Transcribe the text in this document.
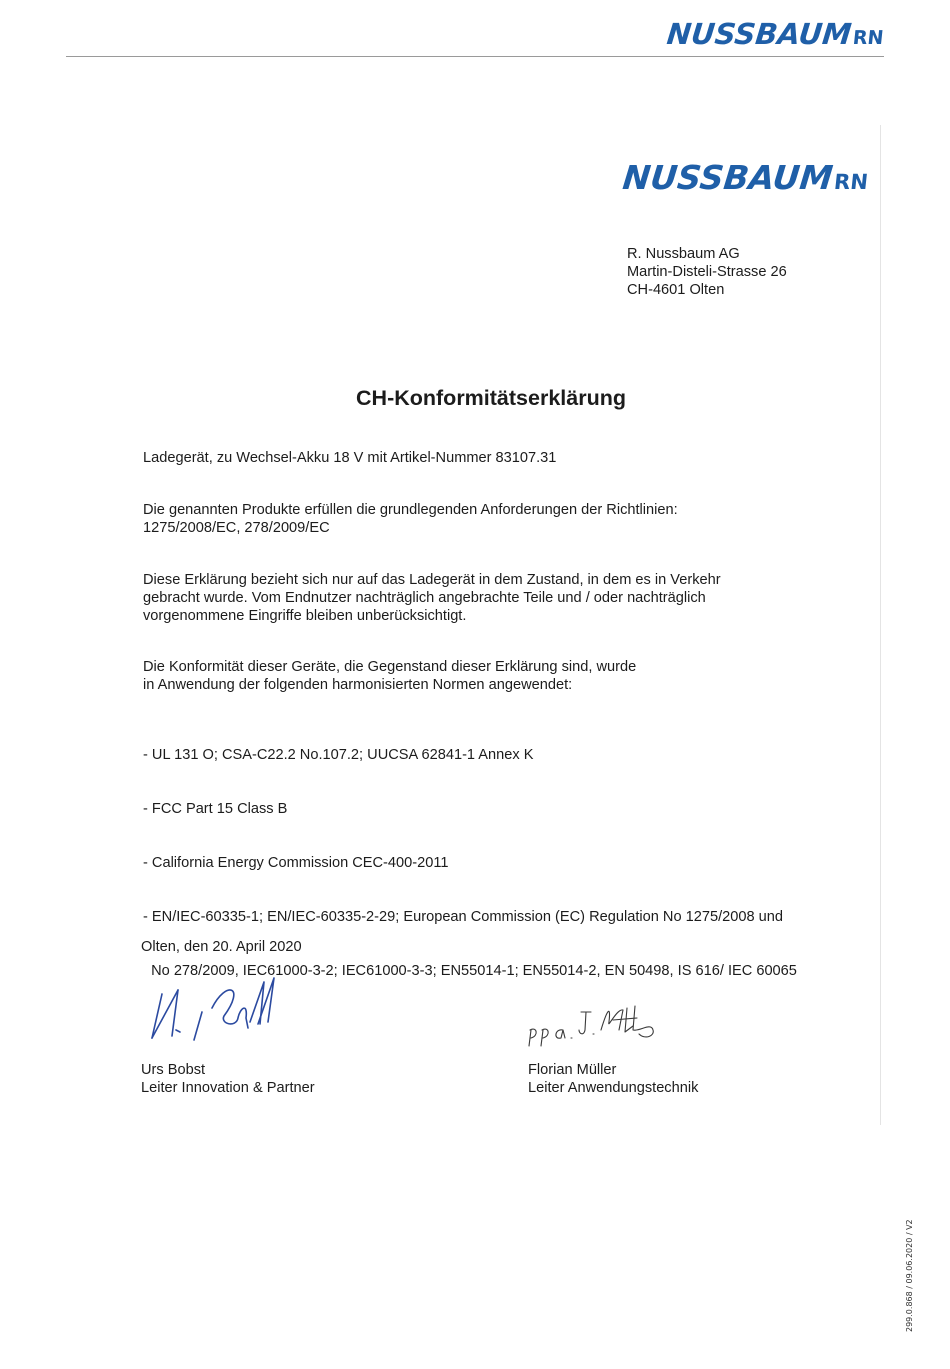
NUSSBAUMRN
NUSSBAUMRN
R. Nussbaum AG
Martin-Disteli-Strasse 26
CH-4601 Olten
CH-Konformitätserklärung
Ladegerät, zu Wechsel-Akku 18 V mit Artikel-Nummer 83107.31
Die genannten Produkte erfüllen die grundlegenden Anforderungen der Richtlinien:
1275/2008/EC, 278/2009/EC
Diese Erklärung bezieht sich nur auf das Ladegerät in dem Zustand, in dem es in Verkehr
gebracht wurde. Vom Endnutzer nachträglich angebrachte Teile und / oder nachträglich
vorgenommene Eingriffe bleiben unberücksichtigt.
Die Konformität dieser Geräte, die Gegenstand dieser Erklärung sind, wurde
in Anwendung der folgenden harmonisierten Normen angewendet:

- UL 131 O; CSA-C22.2 No.107.2; UUCSA 62841-1 Annex K

- FCC Part 15 Class B

- California Energy Commission CEC-400-2011

- EN/IEC-60335-1; EN/IEC-60335-2-29; European Commission (EC) Regulation No 1275/2008 und

No 278/2009, IEC61000-3-2; IEC61000-3-3; EN55014-1; EN55014-2, EN 50498, IS 616/ IEC 60065

Olten, den 20. April 2020
Urs Bobst
Leiter Innovation & Partner
Florian Müller
Leiter Anwendungstechnik
299.0.868 / 09.06.2020 / V2
